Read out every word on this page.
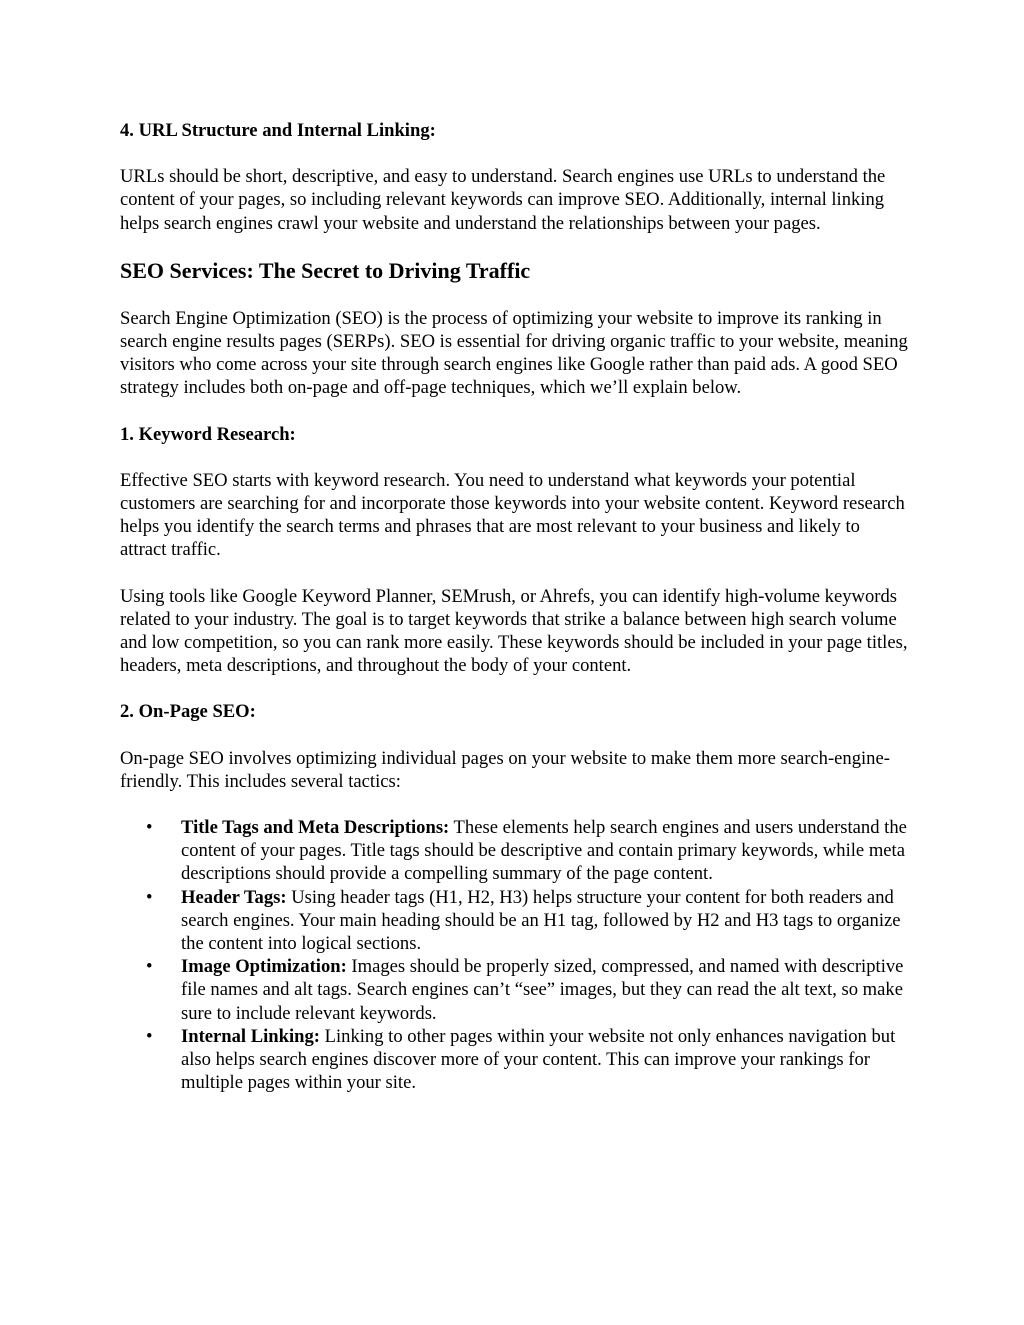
4. URL Structure and Internal Linking:

URLs should be short, descriptive, and easy to understand. Search engines use URLs to understand the content of your pages, so including relevant keywords can improve SEO. Additionally, internal linking helps search engines crawl your website and understand the relationships between your pages.

SEO Services: The Secret to Driving Traffic

Search Engine Optimization (SEO) is the process of optimizing your website to improve its ranking in search engine results pages (SERPs). SEO is essential for driving organic traffic to your website, meaning visitors who come across your site through search engines like Google rather than paid ads. A good SEO strategy includes both on-page and off-page techniques, which we’ll explain below.

1. Keyword Research:

Effective SEO starts with keyword research. You need to understand what keywords your potential customers are searching for and incorporate those keywords into your website content. Keyword research helps you identify the search terms and phrases that are most relevant to your business and likely to attract traffic.

Using tools like Google Keyword Planner, SEMrush, or Ahrefs, you can identify high-volume keywords related to your industry. The goal is to target keywords that strike a balance between high search volume and low competition, so you can rank more easily. These keywords should be included in your page titles, headers, meta descriptions, and throughout the body of your content.

2. On-Page SEO:

On-page SEO involves optimizing individual pages on your website to make them more search-engine-friendly. This includes several tactics:

• Title Tags and Meta Descriptions: These elements help search engines and users understand the content of your pages. Title tags should be descriptive and contain primary keywords, while meta descriptions should provide a compelling summary of the page content.
• Header Tags: Using header tags (H1, H2, H3) helps structure your content for both readers and search engines. Your main heading should be an H1 tag, followed by H2 and H3 tags to organize the content into logical sections.
• Image Optimization: Images should be properly sized, compressed, and named with descriptive file names and alt tags. Search engines can’t “see” images, but they can read the alt text, so make sure to include relevant keywords.
• Internal Linking: Linking to other pages within your website not only enhances navigation but also helps search engines discover more of your content. This can improve your rankings for multiple pages within your site.
